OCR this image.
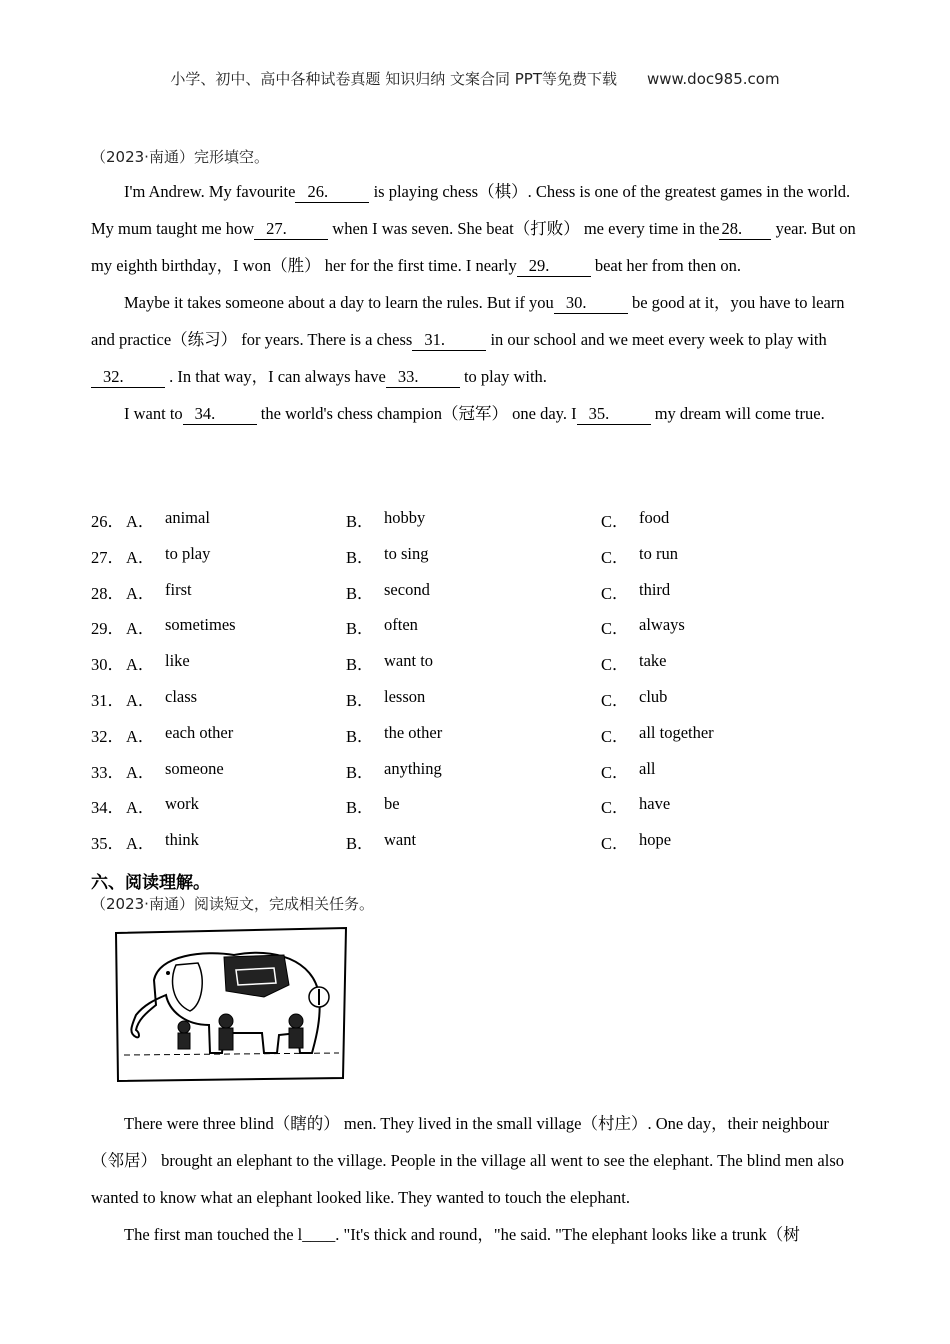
小学、初中、高中各种试卷真题 知识归纳 文案合同 PPT等免费下载 www.doc985.com
（2023·南通）完形填空。

I'm Andrew. My favourite 26.	is playing chess（棋）. Chess is one of the greatest games in the world. My mum taught me how 27.	when I was seven. She beat（打败） me every time in the 28. year. But on my eighth birthday，I won（胜） her for the first time. I nearly 29.	beat her from then on.

Maybe it takes someone about a day to learn the rules. But if you 30.	be good at it，you have to learn and practice（练习） for years. There is a chess 31.	in our school and we meet every week to play with32.	. In that way，I can always have 33.	to play with.

I want to 34.	the world's chess champion（冠军） one day. I 35.	my dream will come true.

26． A． animal	B． hobby	C． food
27． A． to play	B． to sing	C． to run
28． A． first	B． second	C． third
29． A． sometimes	B． often	C． always
30． A． like	B． want to	C． take
31． A． class	B． lesson	C． club
32． A． each other	B． the other	C． all together
33． A． someone	B． anything	C． all
34． A． work	B． be	C． have
35． A． think	B． want	C． hope
六、阅读理解。
（2023·南通）阅读短文，完成相关任务。

There were three blind（瞎的） men. They lived in the small village（村庄）. One day，their neighbour（邻居） brought an elephant to the village. People in the village all went to see the elephant. The blind men also wanted to know what an elephant looked like. They wanted to touch the elephant.

The first man touched the l____. "It's thick and round，"he said. "The elephant looks like a trunk（树
